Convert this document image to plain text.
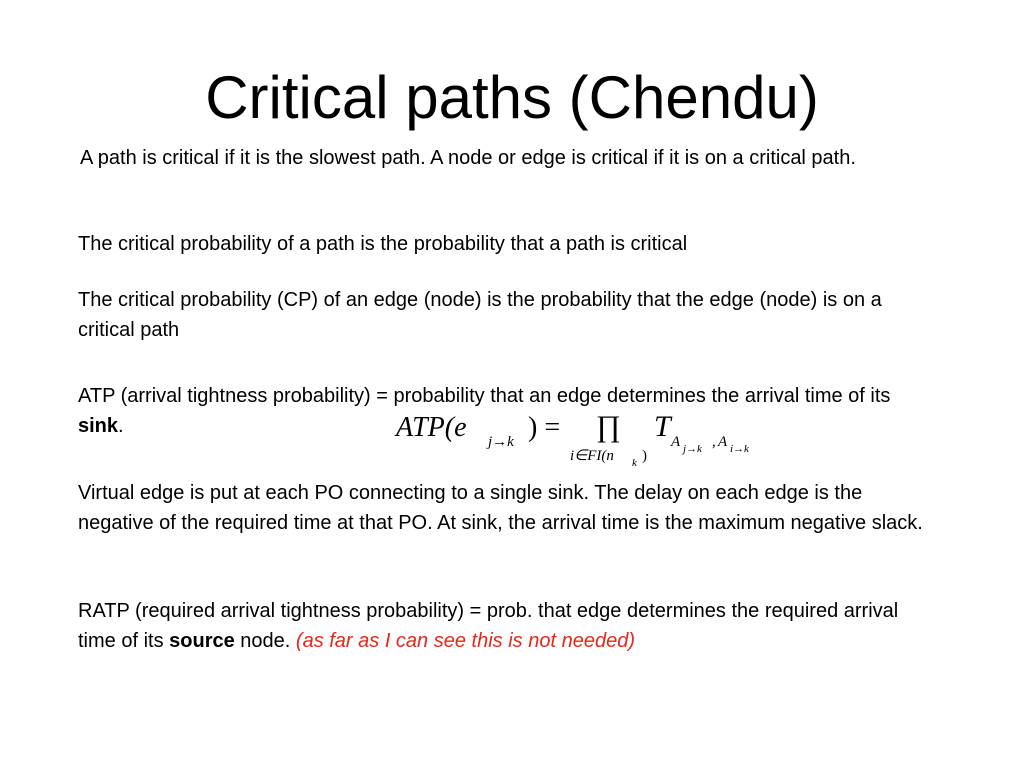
Critical paths (Chendu)

A path is critical if it is the slowest path. A node or edge is critical if it is on a critical path.

The critical probability of a path is the probability that a path is critical

The critical probability (CP) of an edge (node) is the probability that the edge (node) is on a critical path

ATP (arrival tightness probability) = probability that an edge determines the arrival time of its sink.	ATP(e j→k ) = ∏
i∈FI(n k )
T A j→k , A i→k

Virtual edge is put at each PO connecting to a single sink. The delay on each edge is the negative of the required time at that PO. At sink, the arrival time is the maximum negative slack.

RATP (required arrival tightness probability) = prob. that edge determines the required arrival time of its source node. (as far as I can see this is not needed)
